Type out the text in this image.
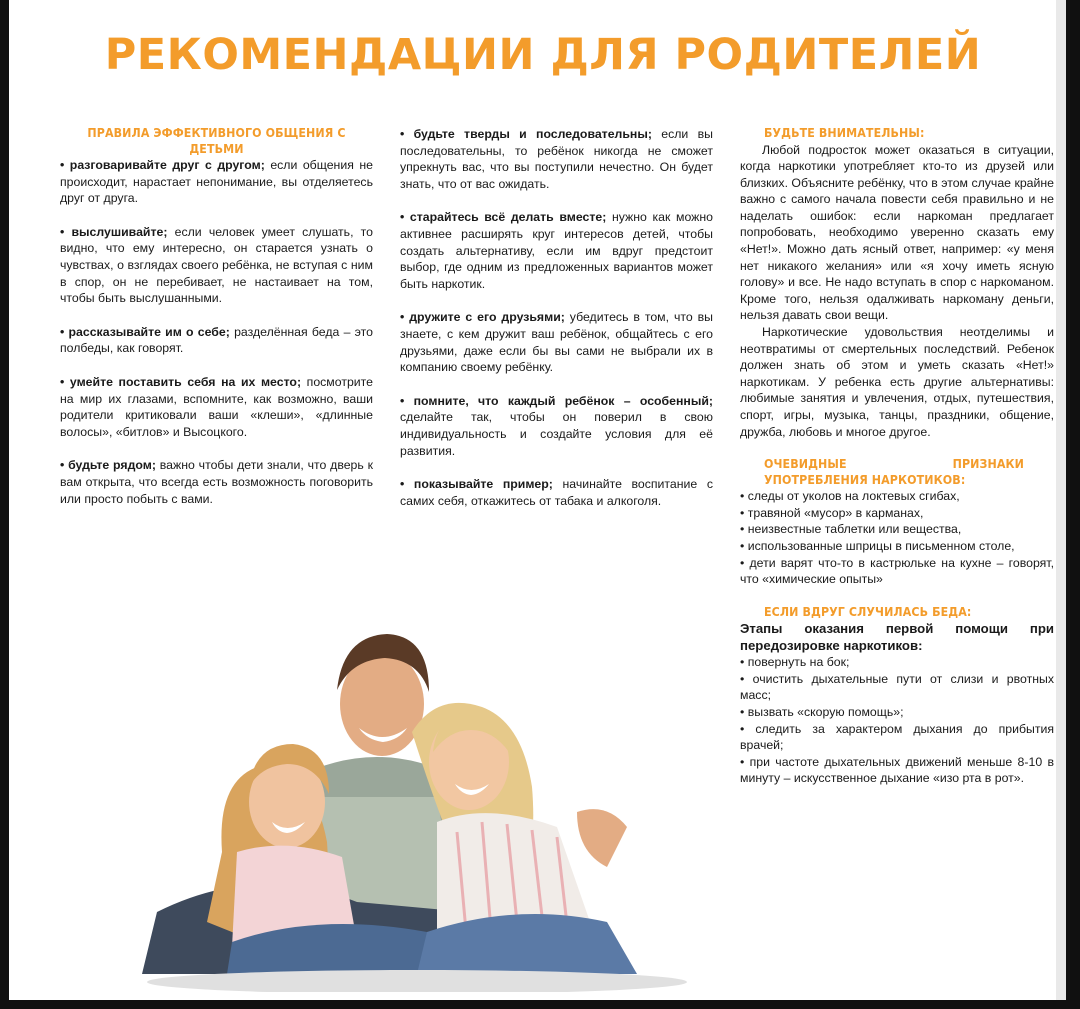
РЕКОМЕНДАЦИИ ДЛЯ РОДИТЕЛЕЙ
ПРАВИЛА ЭФФЕКТИВНОГО ОБЩЕНИЯ С ДЕТЬМИ

• разговаривайте друг с другом; если общения не происходит, нарастает непонимание, вы отделяетесь друг от друга.

• выслушивайте; если человек умеет слушать, то видно, что ему интересно, он старается узнать о чувствах, о взглядах своего ребёнка, не вступая с ним в спор, он не перебивает, не настаивает на том, чтобы быть выслушанными.

• рассказывайте им о себе; разделённая беда – это полбеды, как говорят.

• умейте поставить себя на их место; посмотрите на мир их глазами, вспомните, как возможно, ваши родители критиковали ваши «клеши», «длинные волосы», «битлов» и Высоцкого.

• будьте рядом; важно чтобы дети знали, что дверь к вам открыта, что всегда есть возможность поговорить или просто побыть с вами.

• будьте тверды и последовательны; если вы последовательны, то ребёнок никогда не сможет упрекнуть вас, что вы поступили нечестно. Он будет знать, что от вас ожидать.

• старайтесь всё делать вместе; нужно как можно активнее расширять круг интересов детей, чтобы создать альтернативу, если им вдруг предстоит выбор, где одним из предложенных вариантов может быть наркотик.

• дружите с его друзьями; убедитесь в том, что вы знаете, с кем дружит ваш ребёнок, общайтесь с его друзьями, даже если бы вы сами не выбрали их в компанию своему ребёнку.

• помните, что каждый ребёнок – особенный; сделайте так, чтобы он поверил в свою индивидуальность и создайте условия для её развития.

• показывайте пример; начинайте воспитание с самих себя, откажитесь от табака и алкоголя.

БУДЬТЕ ВНИМАТЕЛЬНЫ:

Любой подросток может оказаться в ситуации, когда наркотики употребляет кто-то из друзей или близких. Объясните ребёнку, что в этом случае крайне важно с самого начала повести себя правильно и не наделать ошибок: если наркоман предлагает попробовать, необходимо уверенно сказать ему «Нет!». Можно дать ясный ответ, например: «у меня нет никакого желания» или «я хочу иметь ясную голову» и все. Не надо вступать в спор с наркоманом. Кроме того, нельзя одалживать наркоману деньги, нельзя давать свои вещи.

Наркотические удовольствия неотделимы и неотвратимы от смертельных последствий. Ребенок должен знать об этом и уметь сказать «Нет!» наркотикам. У ребенка есть другие альтернативы: любимые занятия и увлечения, отдых, путешествия, спорт, игры, музыка, танцы, праздники, общение, дружба, любовь и многое другое.

ОЧЕВИДНЫЕ ПРИЗНАКИ УПОТРЕБЛЕНИЯ НАРКОТИКОВ:
• следы от уколов на локтевых сгибах,
• травяной «мусор» в карманах,
• неизвестные таблетки или вещества,
• использованные шприцы в письменном столе,
• дети варят что-то в кастрюльке на кухне – говорят, что «химические опыты»
ЕСЛИ ВДРУГ СЛУЧИЛАСЬ БЕДА:
Этапы оказания первой помощи при передозировке наркотиков:
• повернуть на бок;
• очистить дыхательные пути от слизи и рвотных масс;
• вызвать «скорую помощь»;
• следить за характером дыхания до прибытия врачей;
• при частоте дыхательных движений меньше 8-10 в минуту – искусственное дыхание «изо рта в рот».
